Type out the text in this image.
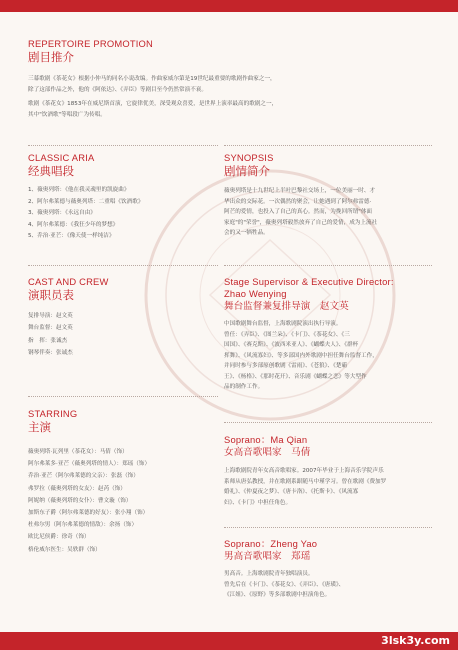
REPERTOIRE PROMOTION
剧目推介
三幕歌剧《茶花女》根据小仲马的同名小说改编。作曲家威尔第是19世纪最重要的歌剧作曲家之一，
除了这部作品之外，他的《阿依达》、《弄臣》等剧目至今仍然常演不衰。
歌剧《茶花女》1853年在威尼斯首演，它旋律优美，深受观众喜爱，是世界上演率最高的歌剧之一，
其中"饮酒歌"等唱段广为传唱。
CLASSIC ARIA
经典唱段
1、薇奥列塔：《他在我灵魂里的凯旋曲》
2、阿尔弗莱德与薇奥列塔：二重唱《饮酒歌》
3、薇奥列塔：《永远自由》
4、阿尔弗莱德：《我狂少年的梦想》
5、乔治·亚芒：《像天使一样纯洁》
SYNOPSIS
剧情简介
薇奥列塔是十九世纪上半叶巴黎社交场上，一位美丽一时、才
华出众的交际花。一次偶然的聚会，让她遇到了阿尔弗雷德·
阿芒的爱情，也投入了自己的真心。然而，为挽回所谓"体面
家庭"的"荣誉"，薇奥列塔毅然放弃了自己的爱情，成为上流社
会的又一牺牲品。
CAST AND CREW
演职员表
复排导演：赵文英
舞台监督：赵文英
指　挥：张诚杰
钢琴伴奏：张诚杰
STARRING
主演
薇奥列塔·瓦列里（茶花女）：马倩（饰）
阿尔弗莱多·亚芒（薇奥列塔的情人）：郑瑶（饰）
乔治·亚芒（阿尔弗莱德的父亲）：张磊（饰）
弗罗拉（薇奥列塔的女友）：赵芮（饰）
阿妮纳（薇奥列塔的女仆）：曹文璇（饰）
加斯东子爵（阿尔弗莱德的好友）：张小翔（饰）
杜弗尔男（阿尔弗莱德的情敌）：余扬（饰）
欧比尼侯爵：徐奇（饰）
格伦威尔医生：吴轶群（饰）
Stage Supervisor & Executive Director:
Zhao Wenying
舞台监督兼复排导演　赵文英
中国歌剧舞台监督，上海歌剧院演出执行导演。
曾任：《弄臣》、《图兰朵》、《卡门》、《茶花女》、《三
国国》、《赛克斯》、《波西米亚人》、《蝴蝶夫人》、《群杯
挥舞》、《风流寡妇》、等多部国内外歌剧中担任舞台监督工作，
并同时参与多部原创歌剧《雷雨》、《苍狼》、《楚霸
王》、《杨格》、《那时花开》、音乐剧《蝴蝶之恋》等大型作
品的制作工作。
Soprano：Ma Qian
女高音歌唱家　马倩
上海歌剧院青年女高音歌唱家。2007年毕业于上海音乐学院声乐
系师从唐弘教授，并在歌剧系跟随马中瑾学习。曾在歌剧《费加罗
婚礼》、《仲夏夜之梦》、《唐卡洛》、《托斯卡》、《风流寡
妇》、《卡门》中担任角色。
Soprano：Zheng Yao
男高音歌唱家　郑瑶
男高音。上海歌剧院青年独唱演员。
曾先后在《卡门》、《茶花女》、《弄臣》、《唐璜》、
《江姐》、《原野》等多部歌剧中担演角色。
3lsk3y.com
